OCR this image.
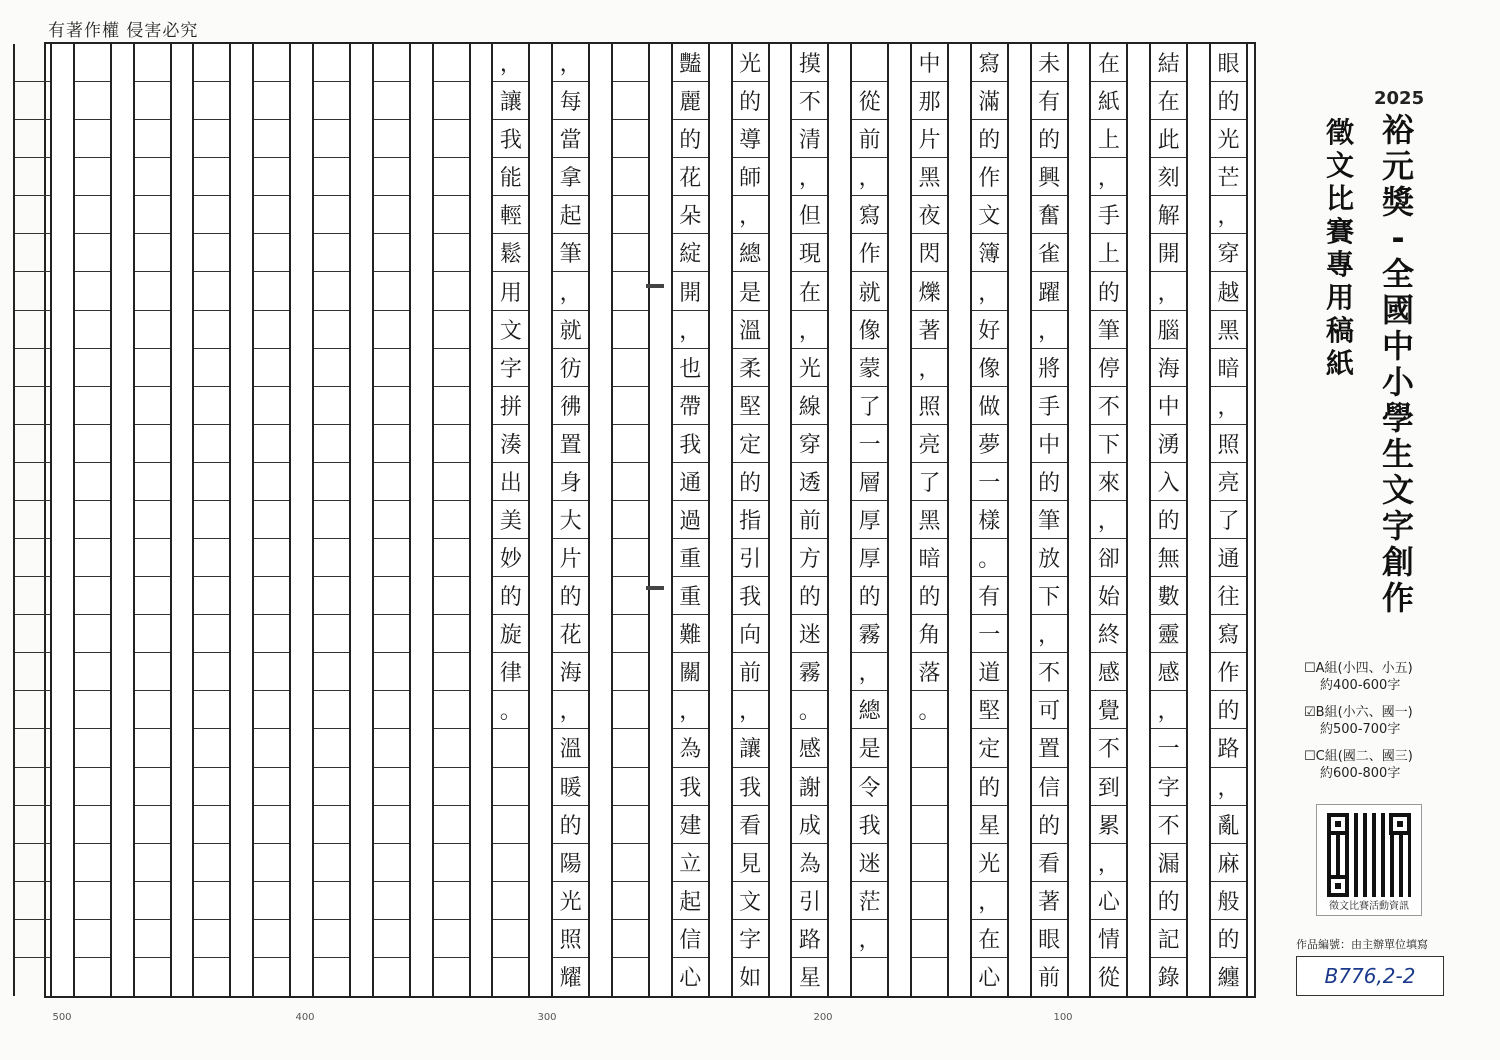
有著作權 侵害必究
眼
的
光
芒
，
穿
越
黑
暗
，
照
亮
了
通
往
寫
作
的
路
，
亂
麻
般
的
纏
結
在
此
刻
解
開
，
腦
海
中
湧
入
的
無
數
靈
感
，
一
字
不
漏
的
記
錄
在
紙
上
，
手
上
的
筆
停
不
下
來
，
卻
始
終
感
覺
不
到
累
，
心
情
從
未
有
的
興
奮
雀
躍
，
將
手
中
的
筆
放
下
，
不
可
置
信
的
看
著
眼
前
寫
滿
的
作
文
簿
，
好
像
做
夢
一
樣
。
有
一
道
堅
定
的
星
光
，
在
心
中
那
片
黑
夜
閃
爍
著
，
照
亮
了
黑
暗
的
角
落
。
從
前
，
寫
作
就
像
蒙
了
一
層
厚
厚
的
霧
，
總
是
令
我
迷
茫
，
摸
不
清
，
但
現
在
，
光
線
穿
透
前
方
的
迷
霧
。
感
謝
成
為
引
路
星
光
的
導
師
，
總
是
溫
柔
堅
定
的
指
引
我
向
前
，
讓
我
看
見
文
字
如
豔
麗
的
花
朵
綻
開
，
也
帶
我
通
過
重
重
難
關
，
為
我
建
立
起
信
心
，
每
當
拿
起
筆
，
就
彷
彿
置
身
大
片
的
花
海
，
溫
暖
的
陽
光
照
耀
，
讓
我
能
輕
鬆
用
文
字
拼
湊
出
美
妙
的
旋
律
。
500	400	300	200	100
2025
裕元獎 - 全國中小學生文字創作
徵文比賽專用稿紙
☐A組(小四、小五)
約400-600字
☑B組(小六、國一)
約500-700字
☐C組(國二、國三)
約600-800字
徵文比賽活動資訊
作品編號：由主辦單位填寫
B776,2-2
